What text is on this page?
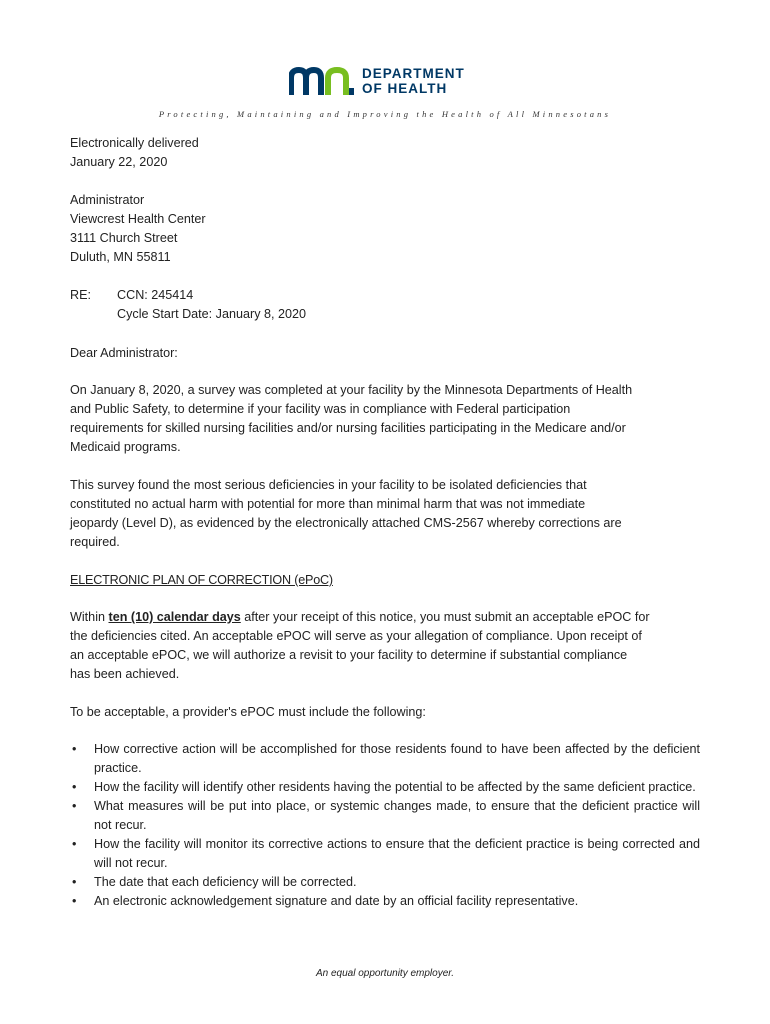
DEPARTMENT
OF HEALTH
Protecting, Maintaining and Improving the Health of All Minnesotans
Electronically delivered
January 22, 2020
Administrator
Viewcrest Health Center
3111 Church Street
Duluth, MN 55811
RE: CCN: 245414
Cycle Start Date: January 8, 2020
Dear Administrator:
On January 8, 2020, a survey was completed at your facility by the Minnesota Departments of Health
and Public Safety, to determine if your facility was in compliance with Federal participation
requirements for skilled nursing facilities and/or nursing facilities participating in the Medicare and/or
Medicaid programs.
This survey found the most serious deficiencies in your facility to be isolated deficiencies that
constituted no actual harm with potential for more than minimal harm that was not immediate
jeopardy (Level D), as evidenced by the electronically attached CMS-2567 whereby corrections are
required.
ELECTRONIC PLAN OF CORRECTION (ePoC)
Within ten (10) calendar days after your receipt of this notice, you must submit an acceptable ePOC for
the deficiencies cited. An acceptable ePOC will serve as your allegation of compliance. Upon receipt of
an acceptable ePOC, we will authorize a revisit to your facility to determine if substantial compliance
has been achieved.
To be acceptable, a provider's ePOC must include the following:
• How corrective action will be accomplished for those residents found to have been affected by the deficient practice.
• How the facility will identify other residents having the potential to be affected by the same deficient practice.
• What measures will be put into place, or systemic changes made, to ensure that the deficient practice will not recur.
• How the facility will monitor its corrective actions to ensure that the deficient practice is being corrected and will not recur.
• The date that each deficiency will be corrected.
• An electronic acknowledgement signature and date by an official facility representative.
An equal opportunity employer.
